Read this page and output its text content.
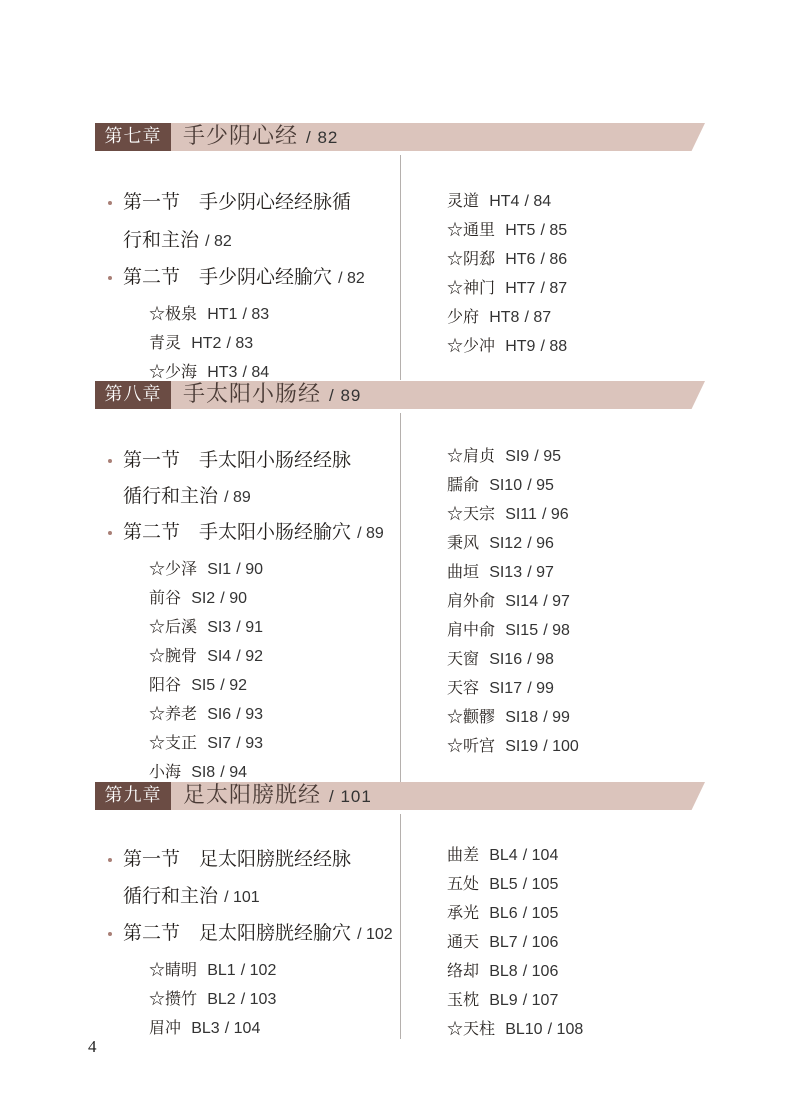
第七章 手少阴心经 / 82
第一节　手少阴心经经脉循
行和主治 / 82
第二节　手少阴心经腧穴 / 82
☆极泉 HT1 / 83
青灵 HT2 / 83
☆少海 HT3 / 84
灵道 HT4 / 84
☆通里 HT5 / 85
☆阴郄 HT6 / 86
☆神门 HT7 / 87
少府 HT8 / 87
☆少冲 HT9 / 88
第八章 手太阳小肠经 / 89
第一节　手太阳小肠经经脉
循行和主治 / 89
第二节　手太阳小肠经腧穴 / 89
☆少泽 SI1 / 90
前谷 SI2 / 90
☆后溪 SI3 / 91
☆腕骨 SI4 / 92
阳谷 SI5 / 92
☆养老 SI6 / 93
☆支正 SI7 / 93
小海 SI8 / 94
☆肩贞 SI9 / 95
臑俞 SI10 / 95
☆天宗 SI11 / 96
秉风 SI12 / 96
曲垣 SI13 / 97
肩外俞 SI14 / 97
肩中俞 SI15 / 98
天窗 SI16 / 98
天容 SI17 / 99
☆颧髎 SI18 / 99
☆听宫 SI19 / 100
第九章 足太阳膀胱经 / 101
第一节　足太阳膀胱经经脉
循行和主治 / 101
第二节　足太阳膀胱经腧穴 / 102
☆睛明 BL1 / 102
☆攒竹 BL2 / 103
眉冲 BL3 / 104
曲差 BL4 / 104
五处 BL5 / 105
承光 BL6 / 105
通天 BL7 / 106
络却 BL8 / 106
玉枕 BL9 / 107
☆天柱 BL10 / 108
4
